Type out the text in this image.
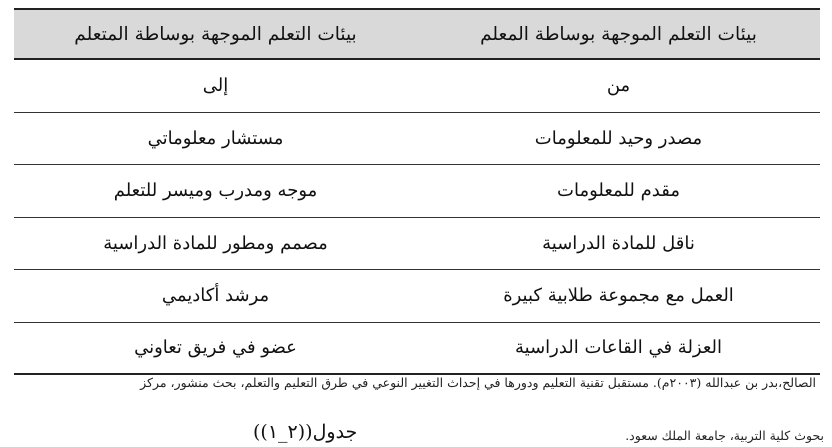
بيئات التعلم الموجهة بوساطة المعلم
بيئات التعلم الموجهة بوساطة المتعلم
من
إلى
مصدر وحيد للمعلومات
مستشار معلوماتي
مقدم للمعلومات
موجه ومدرب وميسر للتعلم
ناقل للمادة الدراسية
مصمم ومطور للمادة الدراسية
العمل مع مجموعة طلابية كبيرة
مرشد أكاديمي
العزلة في القاعات الدراسية
عضو في فريق تعاوني
الصالح،بدر بن عبدالله (٢٠٠٣م). مستقبل تقنية التعليم ودورها في إحداث التغيير النوعي في طرق التعليم والتعلم، بحث منشور، مركز
بحوث كلية التربية، جامعة الملك سعود.
جدول((٢_١))
